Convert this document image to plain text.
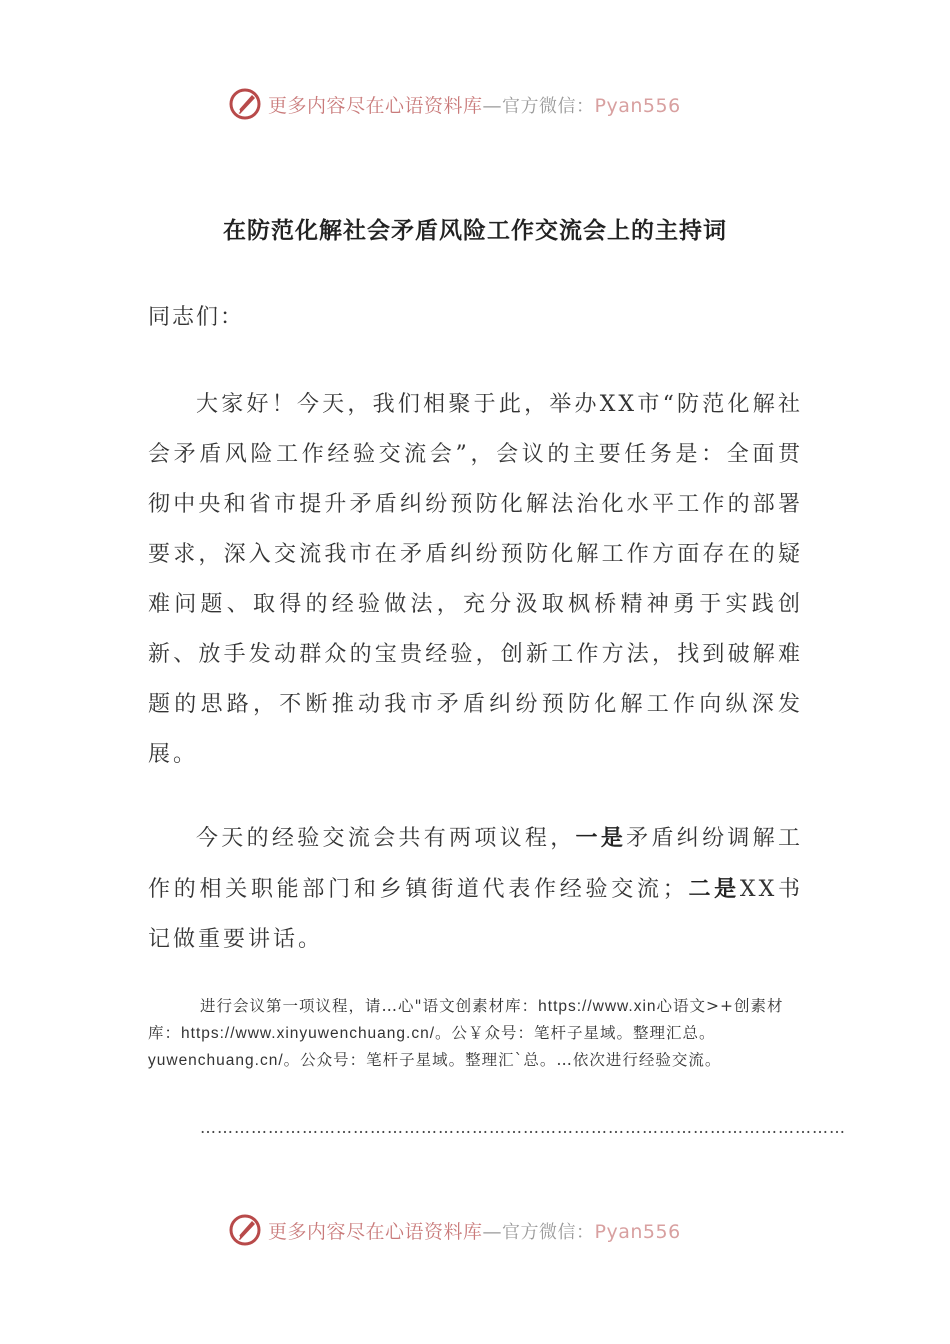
更多内容尽在心语资料库—官方微信：Pyan556
在防范化解社会矛盾风险工作交流会上的主持词
同志们：
大家好！今天，我们相聚于此，举办XX市“防范化解社会矛盾风险工作经验交流会”，会议的主要任务是：全面贯彻中央和省市提升矛盾纠纷预防化解法治化水平工作的部署要求，深入交流我市在矛盾纠纷预防化解工作方面存在的疑难问题、取得的经验做法，充分汲取枫桥精神勇于实践创新、放手发动群众的宝贵经验，创新工作方法，找到破解难题的思路，不断推动我市矛盾纠纷预防化解工作向纵深发展。
今天的经验交流会共有两项议程，一是矛盾纠纷调解工作的相关职能部门和乡镇街道代表作经验交流；二是XX书记做重要讲话。
进行会议第一项议程，请…心"语文创素材库：https://www.xin心语文>+创素材库：https://www.xinyuwenchuang.cn/。公￥众号：笔杆子星域。整理汇总。yuwenchuang.cn/。公众号：笔杆子星域。整理汇`总。…依次进行经验交流。
……………………………………………………………………………………………………
更多内容尽在心语资料库—官方微信：Pyan556
